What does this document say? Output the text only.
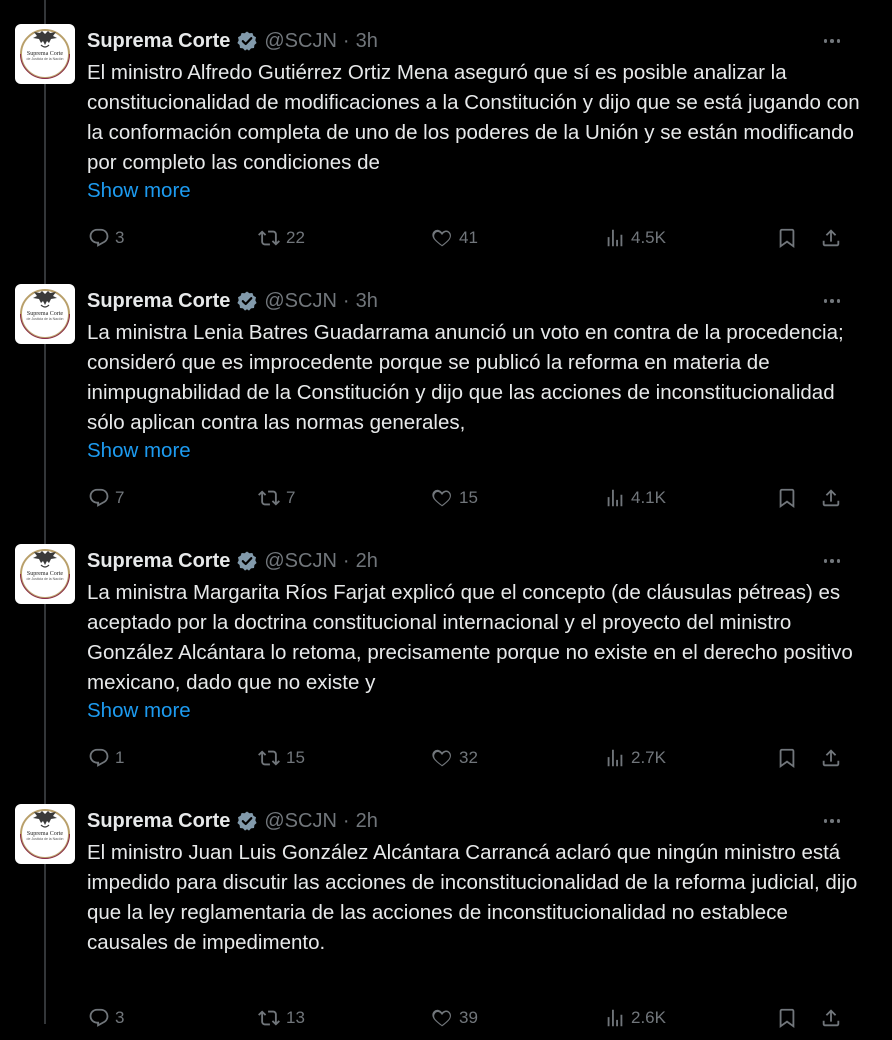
Suprema Corte
de Justicia de la Nación
Suprema Corte @SCJN · 3h
El ministro Alfredo Gutiérrez Ortiz Mena aseguró que sí es posible analizar la constitucionalidad de modificaciones a la Constitución y dijo que se está jugando con la conformación completa de uno de los poderes de la Unión y se están modificando por completo las condiciones de
Show more
3	22	41	4.5K
Suprema Corte
de Justicia de la Nación
Suprema Corte @SCJN · 3h
La ministra Lenia Batres Guadarrama anunció un voto en contra de la procedencia; consideró que es improcedente porque se publicó la reforma en materia de inimpugnabilidad de la Constitución y dijo que las acciones de inconstitucionalidad sólo aplican contra las normas generales,
Show more
7	7	15	4.1K
Suprema Corte
de Justicia de la Nación
Suprema Corte @SCJN · 2h
La ministra Margarita Ríos Farjat explicó que el concepto (de cláusulas pétreas) es aceptado por la doctrina constitucional internacional y el proyecto del ministro González Alcántara lo retoma, precisamente porque no existe en el derecho positivo mexicano, dado que no existe y
Show more
1	15	32	2.7K
Suprema Corte
de Justicia de la Nación
Suprema Corte @SCJN · 2h
El ministro Juan Luis González Alcántara Carrancá aclaró que ningún ministro está impedido para discutir las acciones de inconstitucionalidad de la reforma judicial, dijo que la ley reglamentaria de las acciones de inconstitucionalidad no establece causales de impedimento.
3	13	39	2.6K
